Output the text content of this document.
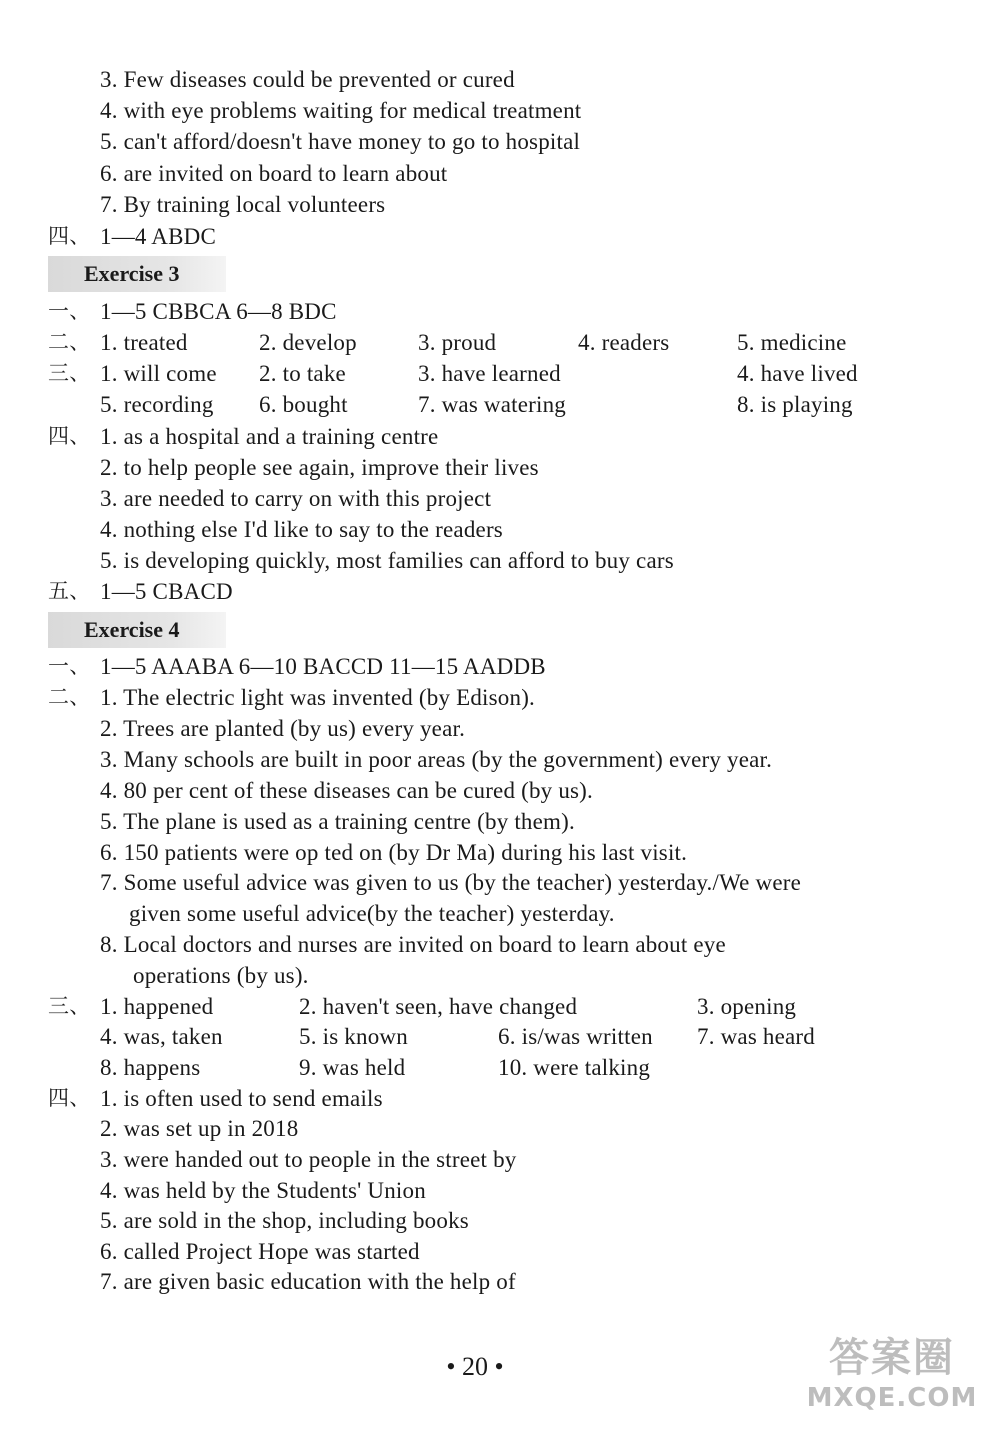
3. Few diseases could be prevented or cured
4. with eye problems waiting for medical treatment
5. can't afford/doesn't have money to go to hospital
6. are invited on board to learn about
7. By training local volunteers
四、 1—4 ABDC
Exercise 3
一、 1—5 CBBCA 6—8 BDC
二、 1. treated	2. develop	3. proud	4. readers	5. medicine
三、 1. will come 2. to take	3. have learned	4. have lived
5. recording 6. bought	7. was watering	8. is playing
四、 1. as a hospital and a training centre
2. to help people see again, improve their lives
3. are needed to carry on with this project
4. nothing else I'd like to say to the readers
5. is developing quickly, most families can afford to buy cars
五、 1—5 CBACD
Exercise 4
一、 1—5 AAABA 6—10 BACCD 11—15 AADDB
二、 1. The electric light was invented (by Edison).
2. Trees are planted (by us) every year.
3. Many schools are built in poor areas (by the government) every year.
4. 80 per cent of these diseases can be cured (by us).
5. The plane is used as a training centre (by them).
6. 150 patients were op ted on (by Dr Ma) during his last visit.
7. Some useful advice was given to us (by the teacher) yesterday./We were
given some useful advice(by the teacher) yesterday.
8. Local doctors and nurses are invited on board to learn about eye
operations (by us).
三、 1. happened	2. haven't seen, have changed	3. opening
4. was, taken	5. is known	6. is/was written 7. was heard
8. happens	9. was held	10. were talking
四、 1. is often used to send emails
2. was set up in 2018
3. were handed out to people in the street by
4. was held by the Students' Union
5. are sold in the shop, including books
6. called Project Hope was started
7. are given basic education with the help of
• 20 •	答案圈
MXQE.COM
